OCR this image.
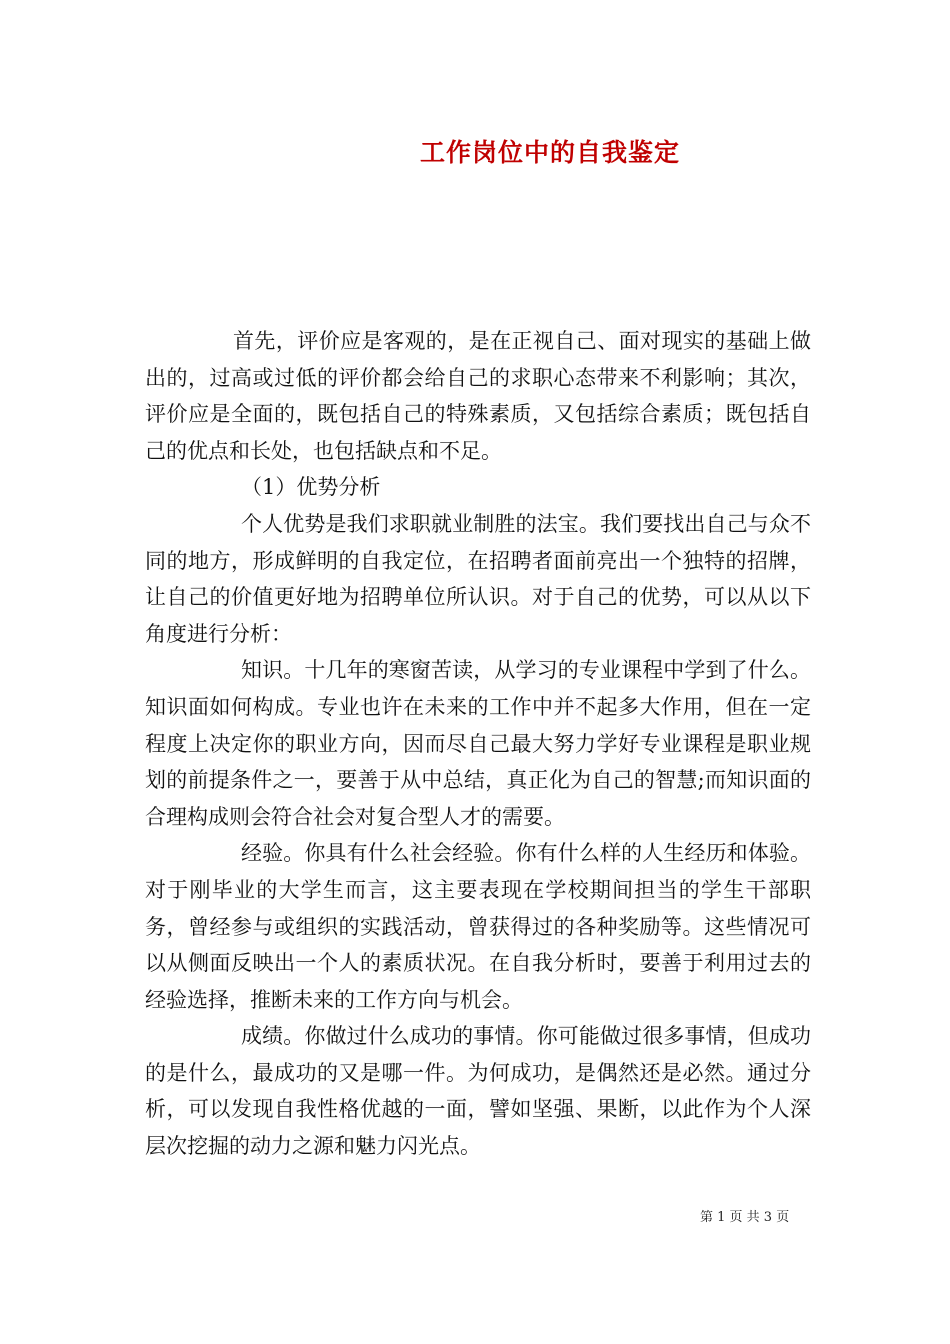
工作岗位中的自我鉴定

首先，评价应是客观的，是在正视自己、面对现实的基础上做出的，过高或过低的评价都会给自己的求职心态带来不利影响；其次，评价应是全面的，既包括自己的特殊素质，又包括综合素质；既包括自己的优点和长处，也包括缺点和不足。

（1）优势分析

个人优势是我们求职就业制胜的法宝。我们要找出自己与众不同的地方，形成鲜明的自我定位，在招聘者面前亮出一个独特的招牌，让自己的价值更好地为招聘单位所认识。对于自己的优势，可以从以下角度进行分析：

知识。十几年的寒窗苦读，从学习的专业课程中学到了什么。知识面如何构成。专业也许在未来的工作中并不起多大作用，但在一定程度上决定你的职业方向，因而尽自己最大努力学好专业课程是职业规划的前提条件之一，要善于从中总结，真正化为自己的智慧;而知识面的合理构成则会符合社会对复合型人才的需要。

经验。你具有什么社会经验。你有什么样的人生经历和体验。对于刚毕业的大学生而言，这主要表现在学校期间担当的学生干部职务，曾经参与或组织的实践活动，曾获得过的各种奖励等。这些情况可以从侧面反映出一个人的素质状况。在自我分析时，要善于利用过去的经验选择，推断未来的工作方向与机会。

成绩。你做过什么成功的事情。你可能做过很多事情，但成功的是什么，最成功的又是哪一件。为何成功，是偶然还是必然。通过分析，可以发现自我性格优越的一面，譬如坚强、果断，以此作为个人深层次挖掘的动力之源和魅力闪光点。

第 1 页 共 3 页
